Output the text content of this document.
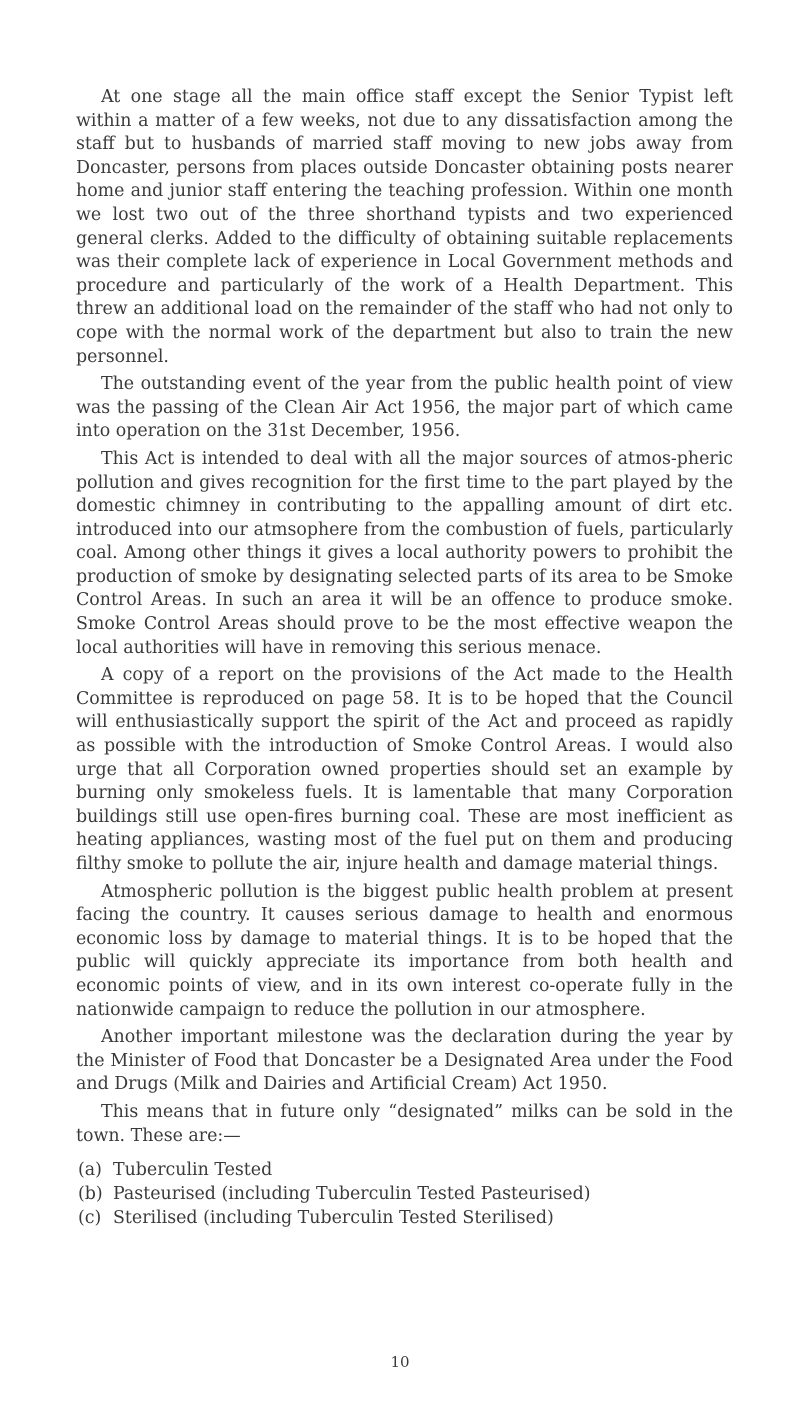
At one stage all the main office staff except the Senior Typist left within a matter of a few weeks, not due to any dissatisfaction among the staff but to husbands of married staff moving to new jobs away from Doncaster, persons from places outside Doncaster obtaining posts nearer home and junior staff entering the teaching profession. Within one month we lost two out of the three shorthand typists and two experienced general clerks. Added to the difficulty of obtaining suitable replacements was their complete lack of experience in Local Government methods and procedure and particularly of the work of a Health Department. This threw an additional load on the remainder of the staff who had not only to cope with the normal work of the department but also to train the new personnel.

The outstanding event of the year from the public health point of view was the passing of the Clean Air Act 1956, the major part of which came into operation on the 31st December, 1956.

This Act is intended to deal with all the major sources of atmos-pheric pollution and gives recognition for the first time to the part played by the domestic chimney in contributing to the appalling amount of dirt etc. introduced into our atmsophere from the combustion of fuels, particularly coal. Among other things it gives a local authority powers to prohibit the production of smoke by designating selected parts of its area to be Smoke Control Areas. In such an area it will be an offence to produce smoke. Smoke Control Areas should prove to be the most effective weapon the local authorities will have in removing this serious menace.

A copy of a report on the provisions of the Act made to the Health Committee is reproduced on page 58. It is to be hoped that the Council will enthusiastically support the spirit of the Act and proceed as rapidly as possible with the introduction of Smoke Control Areas. I would also urge that all Corporation owned properties should set an example by burning only smokeless fuels. It is lamentable that many Corporation buildings still use open-fires burning coal. These are most inefficient as heating appliances, wasting most of the fuel put on them and producing filthy smoke to pollute the air, injure health and damage material things.

Atmospheric pollution is the biggest public health problem at present facing the country. It causes serious damage to health and enormous economic loss by damage to material things. It is to be hoped that the public will quickly appreciate its importance from both health and economic points of view, and in its own interest co-operate fully in the nationwide campaign to reduce the pollution in our atmosphere.

Another important milestone was the declaration during the year by the Minister of Food that Doncaster be a Designated Area under the Food and Drugs (Milk and Dairies and Artificial Cream) Act 1950.

This means that in future only “designated” milks can be sold in the town. These are:—

(a) Tuberculin Tested
(b) Pasteurised (including Tuberculin Tested Pasteurised)
(c) Sterilised (including Tuberculin Tested Sterilised)
10
